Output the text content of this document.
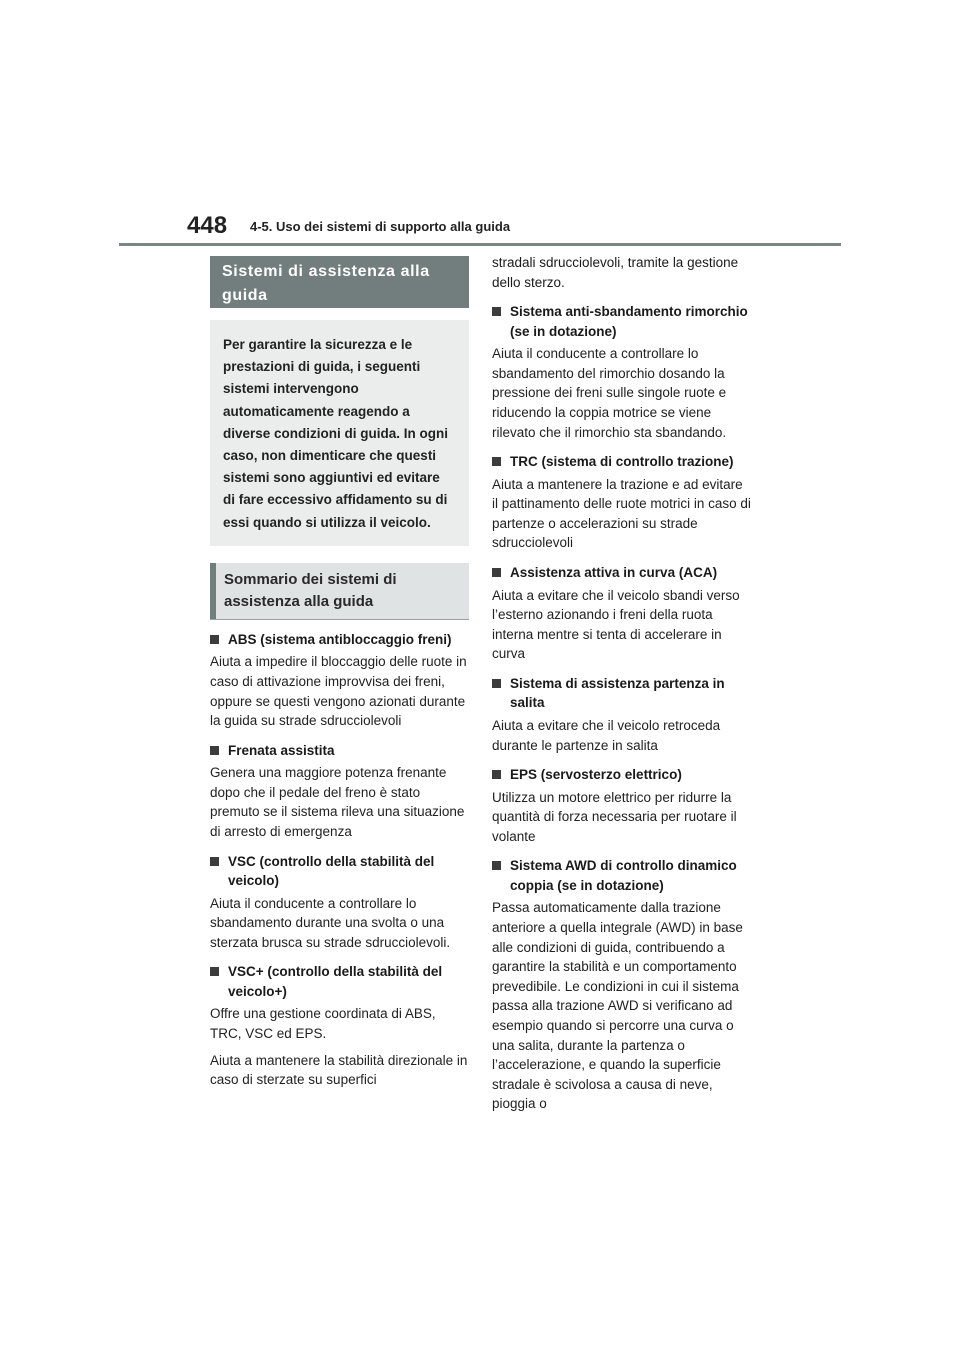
448 4-5. Uso dei sistemi di supporto alla guida
Sistemi di assistenza alla guida
Per garantire la sicurezza e le prestazioni di guida, i seguenti sistemi intervengono automaticamente reagendo a diverse condizioni di guida. In ogni caso, non dimenticare che questi sistemi sono aggiuntivi ed evitare di fare eccessivo affidamento su di essi quando si utilizza il veicolo.
Sommario dei sistemi di assistenza alla guida
ABS (sistema antibloccaggio freni)

Aiuta a impedire il bloccaggio delle ruote in caso di attivazione improvvisa dei freni, oppure se questi vengono azionati durante la guida su strade sdrucciolevoli

Frenata assistita

Genera una maggiore potenza frenante dopo che il pedale del freno è stato premuto se il sistema rileva una situazione di arresto di emergenza

VSC (controllo della stabilità del veicolo)

Aiuta il conducente a controllare lo sbandamento durante una svolta o una sterzata brusca su strade sdrucciolevoli.

VSC+ (controllo della stabilità del veicolo+)

Offre una gestione coordinata di ABS, TRC, VSC ed EPS.

Aiuta a mantenere la stabilità direzionale in caso di sterzate su superfici

stradali sdrucciolevoli, tramite la gestione dello sterzo.
Sistema anti-sbandamento rimorchio (se in dotazione)

Aiuta il conducente a controllare lo sbandamento del rimorchio dosando la pressione dei freni sulle singole ruote e riducendo la coppia motrice se viene rilevato che il rimorchio sta sbandando.

TRC (sistema di controllo trazione)

Aiuta a mantenere la trazione e ad evitare il pattinamento delle ruote motrici in caso di partenze o accelerazioni su strade sdrucciolevoli

Assistenza attiva in curva (ACA)

Aiuta a evitare che il veicolo sbandi verso l’esterno azionando i freni della ruota interna mentre si tenta di accelerare in curva

Sistema di assistenza partenza in salita

Aiuta a evitare che il veicolo retroceda durante le partenze in salita

EPS (servosterzo elettrico)

Utilizza un motore elettrico per ridurre la quantità di forza necessaria per ruotare il volante

Sistema AWD di controllo dinamico coppia (se in dotazione)

Passa automaticamente dalla trazione anteriore a quella integrale (AWD) in base alle condizioni di guida, contribuendo a garantire la stabilità e un comportamento prevedibile. Le condizioni in cui il sistema passa alla trazione AWD si verificano ad esempio quando si percorre una curva o una salita, durante la partenza o l’accelerazione, e quando la superficie stradale è scivolosa a causa di neve, pioggia o
